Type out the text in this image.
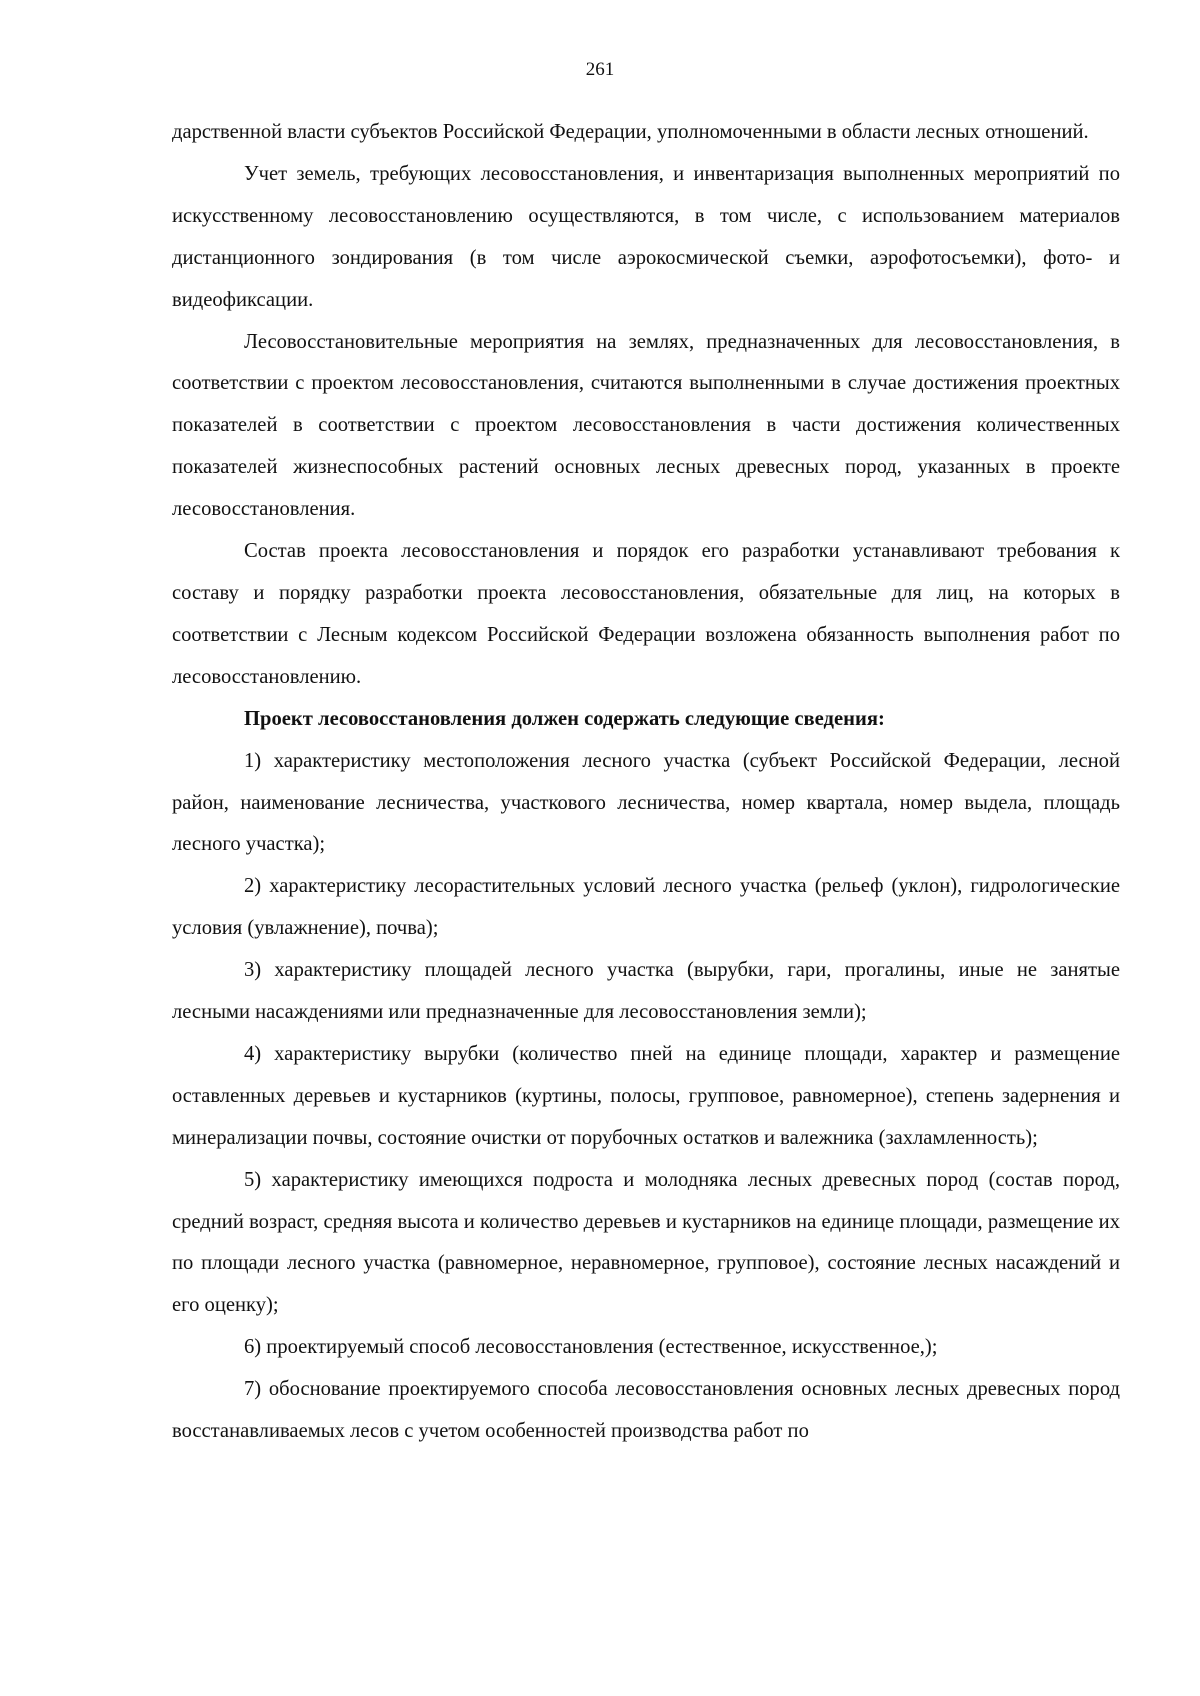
261

дарственной власти субъектов Российской Федерации, уполномоченными в области лесных отношений.

Учет земель, требующих лесовосстановления, и инвентаризация выполненных мероприятий по искусственному лесовосстановлению осуществляются, в том числе, с использованием материалов дистанционного зондирования (в том числе аэрокосмической съемки, аэрофотосъемки), фото- и видеофиксации.

Лесовосстановительные мероприятия на землях, предназначенных для лесовосстановления, в соответствии с проектом лесовосстановления, считаются выполненными в случае достижения проектных показателей в соответствии с проектом лесовосстановления в части достижения количественных показателей жизнеспособных растений основных лесных древесных пород, указанных в проекте лесовосстановления.

Состав проекта лесовосстановления и порядок его разработки устанавливают требования к составу и порядку разработки проекта лесовосстановления, обязательные для лиц, на которых в соответствии с Лесным кодексом Российской Федерации возложена обязанность выполнения работ по лесовосстановлению.

Проект лесовосстановления должен содержать следующие сведения:

1) характеристику местоположения лесного участка (субъект Российской Федерации, лесной район, наименование лесничества, участкового лесничества, номер квартала, номер выдела, площадь лесного участка);

2) характеристику лесорастительных условий лесного участка (рельеф (уклон), гидрологические условия (увлажнение), почва);

3) характеристику площадей лесного участка (вырубки, гари, прогалины, иные не занятые лесными насаждениями или предназначенные для лесовосстановления земли);

4) характеристику вырубки (количество пней на единице площади, характер и размещение оставленных деревьев и кустарников (куртины, полосы, групповое, равномерное), степень задернения и минерализации почвы, состояние очистки от порубочных остатков и валежника (захламленность);

5) характеристику имеющихся подроста и молодняка лесных древесных пород (состав пород, средний возраст, средняя высота и количество деревьев и кустарников на единице площади, размещение их по площади лесного участка (равномерное, неравномерное, групповое), состояние лесных насаждений и его оценку);

6) проектируемый способ лесовосстановления (естественное, искусственное,);

7) обоснование проектируемого способа лесовосстановления основных лесных древесных пород восстанавливаемых лесов с учетом особенностей производства работ по
